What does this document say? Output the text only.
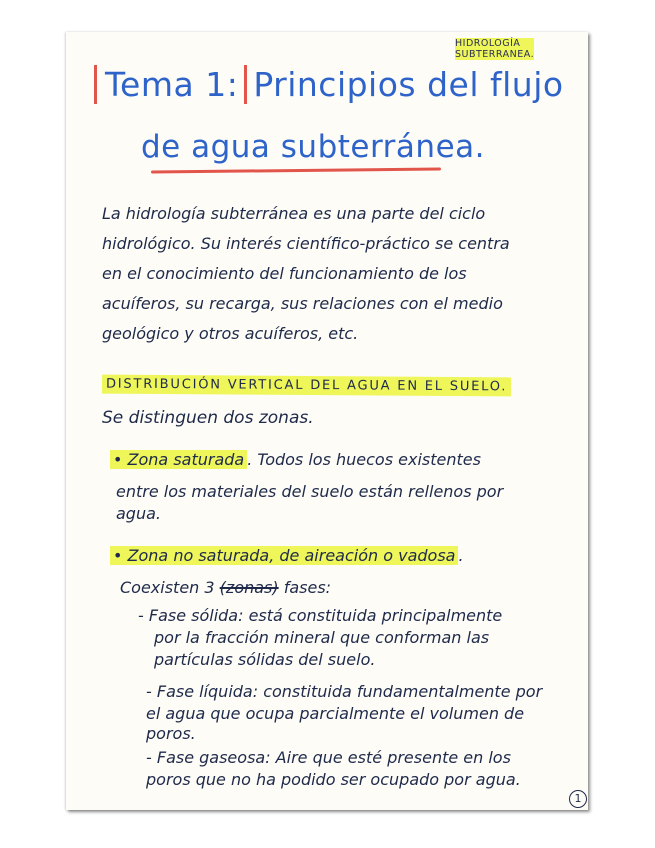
HIDROLOGÍA
SUBTERRANEA.
Tema 1: Principios del flujo
de agua subterránea.
La hidrología subterránea es una parte del ciclo
hidrológico. Su interés científico-práctico se centra
en el conocimiento del funcionamiento de los
acuíferos, su recarga, sus relaciones con el medio
geológico y otros acuíferos, etc.
DISTRIBUCIÓN VERTICAL DEL AGUA EN EL SUELO.
Se distinguen dos zonas.
• Zona saturada . Todos los huecos existentes
entre los materiales del suelo están rellenos por
agua.
• Zona no saturada, de aireación o vadosa .
Coexisten 3 (zonas) fases:
- Fase sólida: está constituida principalmente
por la fracción mineral que conforman las
partículas sólidas del suelo.
- Fase líquida: constituida fundamentalmente por
el agua que ocupa parcialmente el volumen de
poros.
- Fase gaseosa: Aire que esté presente en los
poros que no ha podido ser ocupado por agua.
1
